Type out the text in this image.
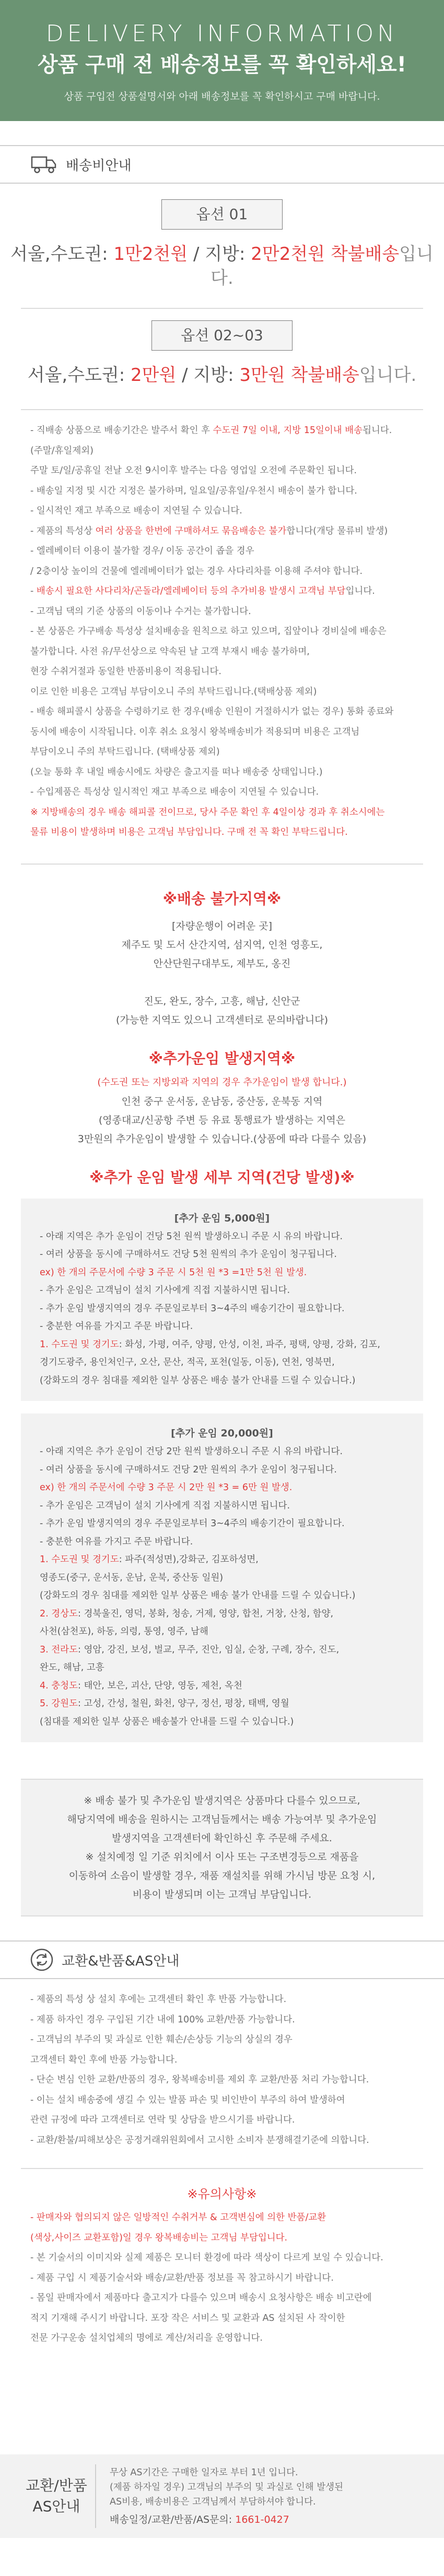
DELIVERY INFORMATION
상품 구매 전 배송정보를 꼭 확인하세요!
상품 구입전 상품설명서와 아래 배송정보를 꼭 확인하시고 구매 바랍니다.
배송비안내
옵션 01
서울,수도권: 1만2천원 / 지방: 2만2천원 착불배송입니다.
옵션 02~03
서울,수도권: 2만원 / 지방: 3만원 착불배송입니다.
- 직배송 상품으로 배송기간은 발주서 확인 후 수도권 7일 이내, 지방 15일이내 배송됩니다.
(주말/휴일제외)
주말 토/일/공휴일 전날 오전 9시이후 발주는 다음 영업일 오전에 주문확인 됩니다.
- 배송일 지정 및 시간 지정은 불가하며, 일요일/공휴일/우천시 배송이 불가 합니다.
- 일시적인 재고 부족으로 배송이 지연될 수 있습니다.
- 제품의 특성상 여러 상품을 한번에 구매하셔도 묶음배송은 불가합니다(개당 물류비 발생)
- 엘레베이터 이용이 불가할 경우/ 이동 공간이 좁을 경우
/ 2층이상 높이의 건물에 엘레베이터가 없는 경우 사다리차를 이용해 주셔야 합니다.
- 배송시 필요한 사다리차/곤돌라/엘레베이터 등의 추가비용 발생시 고객님 부담입니다.
- 고객님 댁의 기준 상품의 이동이나 수거는 불가합니다.
- 본 상품은 가구배송 특성상 설치배송을 원칙으로 하고 있으며, 집앞이나 경비실에 배송은
불가합니다. 사전 유/무선상으로 약속된 날 고객 부재시 배송 불가하며,
현장 수취거절과 동일한 반품비용이 적용됩니다.
이로 인한 비용은 고객님 부담이오니 주의 부탁드립니다.(택배상품 제외)
- 배송 해피콜시 상품을 수령하기로 한 경우(배송 인원이 거절하시가 없는 경우) 통화 종료와
동시에 배송이 시작됩니다. 이후 취소 요청시 왕복배송비가 적용되며 비용은 고객님
부담이오니 주의 부탁드립니다. (택배상품 제외)
(오늘 통화 후 내일 배송시에도 차량은 출고지를 떠나 배송중 상태입니다.)
- 수입제품은 특성상 일시적인 재고 부족으로 배송이 지연될 수 있습니다.
※ 지방배송의 경우 배송 해피콜 전이므로, 당사 주문 확인 후 4일이상 경과 후 취소시에는
물류 비용이 발생하며 비용은 고객님 부담입니다. 구매 전 꼭 확인 부탁드립니다.
※배송 불가지역※
[자량운행이 어려운 곳]
제주도 및 도서 산간지역, 섬지역, 인천 영흥도,
안산단원구대부도, 제부도, 옹진
진도, 완도, 장수, 고흥, 해남, 신안군
(가능한 지역도 있으니 고객센터로 문의바랍니다)
※추가운임 발생지역※
(수도권 또는 지방외곽 지역의 경우 추가운임이 발생 합니다.)
인천 중구 운서동, 운남동, 중산동, 운북동 지역
(영종대교/신공항 주변 등 유료 통행료가 발생하는 지역은
3만원의 추가운임이 발생할 수 있습니다.(상품에 따라 다를수 있음)
※추가 운임 발생 세부 지역(건당 발생)※
[추가 운임 5,000원]
- 아래 지역은 추가 운임이 건당 5천 원씩 발생하오니 주문 시 유의 바랍니다.
- 여러 상품을 동시에 구매하셔도 건당 5천 원씩의 추가 운임이 청구됩니다.
ex) 한 개의 주문서에 수량 3 주문 시 5천 원 *3 =1만 5천 원 발생.
- 추가 운임은 고객님이 설치 기사에게 직접 지불하시면 됩니다.
- 추가 운임 발생지역의 경우 주문일로부터 3~4주의 배송기간이 필요합니다.
- 충분한 여유를 가지고 주문 바랍니다.
1. 수도권 및 경기도: 화성, 가평, 여주, 양평, 안성, 이천, 파주, 평택, 양평, 강화, 김포,
경기도광주, 용인처인구, 오산, 문산, 적곡, 포천(일동, 이동), 연천, 영북면,
(강화도의 경우 침대를 제외한 일부 상품은 배송 불가 안내를 드릴 수 있습니다.)
[추가 운임 20,000원]
- 아래 지역은 추가 운임이 건당 2만 원씩 발생하오니 주문 시 유의 바랍니다.
- 여러 상품을 동시에 구매하셔도 건당 2만 원씩의 추가 운임이 청구됩니다.
ex) 한 개의 주문서에 수량 3 주문 시 2만 원 *3 = 6만 원 발생.
- 추가 운임은 고객님이 설치 기사에게 직접 지불하시면 됩니다.
- 추가 운임 발생지역의 경우 주문일로부터 3~4주의 배송기간이 필요합니다.
- 충분한 여유를 가지고 주문 바랍니다.
1. 수도권 및 경기도: 파주(적성면),강화군, 김포하성면,
영종도(중구, 운서동, 운남, 운북, 중산동 일원)
(강화도의 경우 침대를 제외한 일부 상품은 배송 불가 안내를 드릴 수 있습니다.)
2. 경상도: 경북울진, 영덕, 봉화, 청송, 거제, 영양, 합천, 거창, 산청, 함양,
사천(삼천포), 하동, 의령, 통영, 영주, 남해
3. 전라도: 영암, 강진, 보성, 벌교, 무주, 진안, 임실, 순창, 구례, 장수, 진도,
완도, 해남, 고흥
4. 충청도: 태안, 보은, 괴산, 단양, 영동, 제천, 옥천
5. 강원도: 고성, 간성, 철원, 화천, 양구, 정선, 평창, 태백, 영월
(침대를 제외한 일부 상품은 배송불가 안내를 드릴 수 있습니다.)
※ 배송 불가 및 추가운임 발생지역은 상품마다 다를수 있으므로,
해당지역에 배송을 원하시는 고객님들께서는 배송 가능여부 및 추가운임
발생지역을 고객센터에 확인하신 후 주문해 주세요.
※ 설치예정 일 기준 위치에서 이사 또는 구조변경등으로 재품을
이동하여 소음이 발생할 경우, 재품 재설치를 위해 가시님 방문 요청 시,
비용이 발생되며 이는 고객님 부담입니다.
교환&반품&AS안내
- 제품의 특성 상 설치 후에는 고객센터 확인 후 반품 가능합니다.
- 제품 하자인 경우 구입된 기간 내에 100% 교환/반품 가능합니다.
- 고객님의 부주의 및 과실로 인한 훼손/손상등 기능의 상실의 경우
고객센터 확인 후에 반품 가능합니다.
- 단순 변심 인한 교환/반품의 경우, 왕복배송비를 제외 후 교환/반품 처리 가능합니다.
- 이는 설치 배송중에 생길 수 있는 발품 파손 및 비인반이 부주의 하여 발생하여
관련 규정에 따라 고객센터로 연락 및 상담을 받으시기를 바랍니다.
- 교환/환불/피해보상은 공정거래위원회에서 고시한 소비자 분쟁해결기준에 의합니다.
※유의사항※
- 판매자와 협의되지 않은 일방적인 수취거부 & 고객변심에 의한 반품/교환
(색상,사이즈 교환포함)일 경우 왕복배송비는 고객님 부담입니다.
- 본 기술서의 이미지와 실제 제품은 모니터 환경에 따라 색상이 다르게 보일 수 있습니다.
- 제품 구입 시 제품기술서와 배송/교환/반품 정보를 꼭 참고하시기 바랍니다.
- 몸일 판매자에서 제품마다 출고지가 다를수 있으며 배송시 요청사항은 배송 비고란에
적지 기재해 주시기 바랍니다. 포장 작은 서비스 및 교환과 AS 설치된 사 작이한
전문 가구운송 설치업체의 명에로 계산/처리을 운영합니다.
교환/반품
AS안내
무상 AS기간은 구매한 일자로 부터 1년 입니다.
(제품 하자일 경우) 고객님의 부주의 및 과실로 인해 발생된
AS비용, 배송비용은 고객님께서 부담하셔야 합니다.
배송일정/교환/반품/AS문의: 1661-0427
